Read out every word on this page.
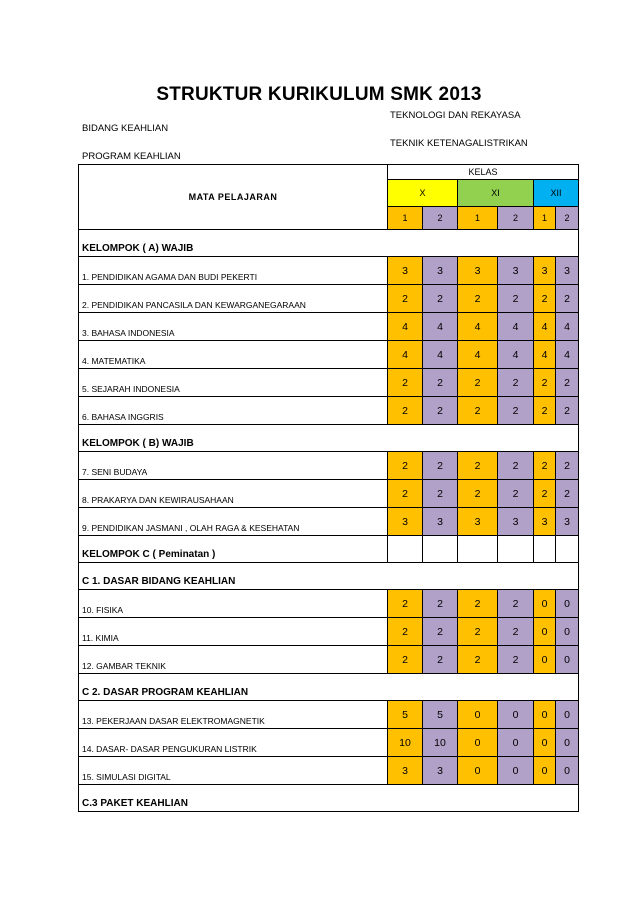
STRUKTUR KURIKULUM SMK 2013
BIDANG KEAHLIAN
TEKNOLOGI DAN REKAYASA
PROGRAM KEAHLIAN
TEKNIK KETENAGALISTRIKAN
MATA PELAJARAN	KELAS					
	X		XI		XII	
	1	2	1	2	1	2
KELOMPOK ( A) WAJIB						
1. PENDIDIKAN AGAMA DAN BUDI PEKERTI	3	3	3	3	3	3
2. PENDIDIKAN PANCASILA DAN KEWARGANEGARAAN	2	2	2	2	2	2
3. BAHASA INDONESIA	4	4	4	4	4	4
4. MATEMATIKA	4	4	4	4	4	4
5. SEJARAH INDONESIA	2	2	2	2	2	2
6. BAHASA INGGRIS	2	2	2	2	2	2
KELOMPOK ( B) WAJIB						
7. SENI BUDAYA	2	2	2	2	2	2
8. PRAKARYA DAN KEWIRAUSAHAAN	2	2	2	2	2	2
9. PENDIDIKAN JASMANI , OLAH RAGA & KESEHATAN	3	3	3	3	3	3
KELOMPOK C ( Peminatan )						
C 1. DASAR BIDANG KEAHLIAN						
10. FISIKA	2	2	2	2	0	0
11. KIMIA	2	2	2	2	0	0
12. GAMBAR TEKNIK	2	2	2	2	0	0
C 2. DASAR PROGRAM KEAHLIAN						
13. PEKERJAAN DASAR ELEKTROMAGNETIK	5	5	0	0	0	0
14. DASAR- DASAR PENGUKURAN LISTRIK	10	10	0	0	0	0
15. SIMULASI DIGITAL	3	3	0	0	0	0
C.3 PAKET KEAHLIAN						
